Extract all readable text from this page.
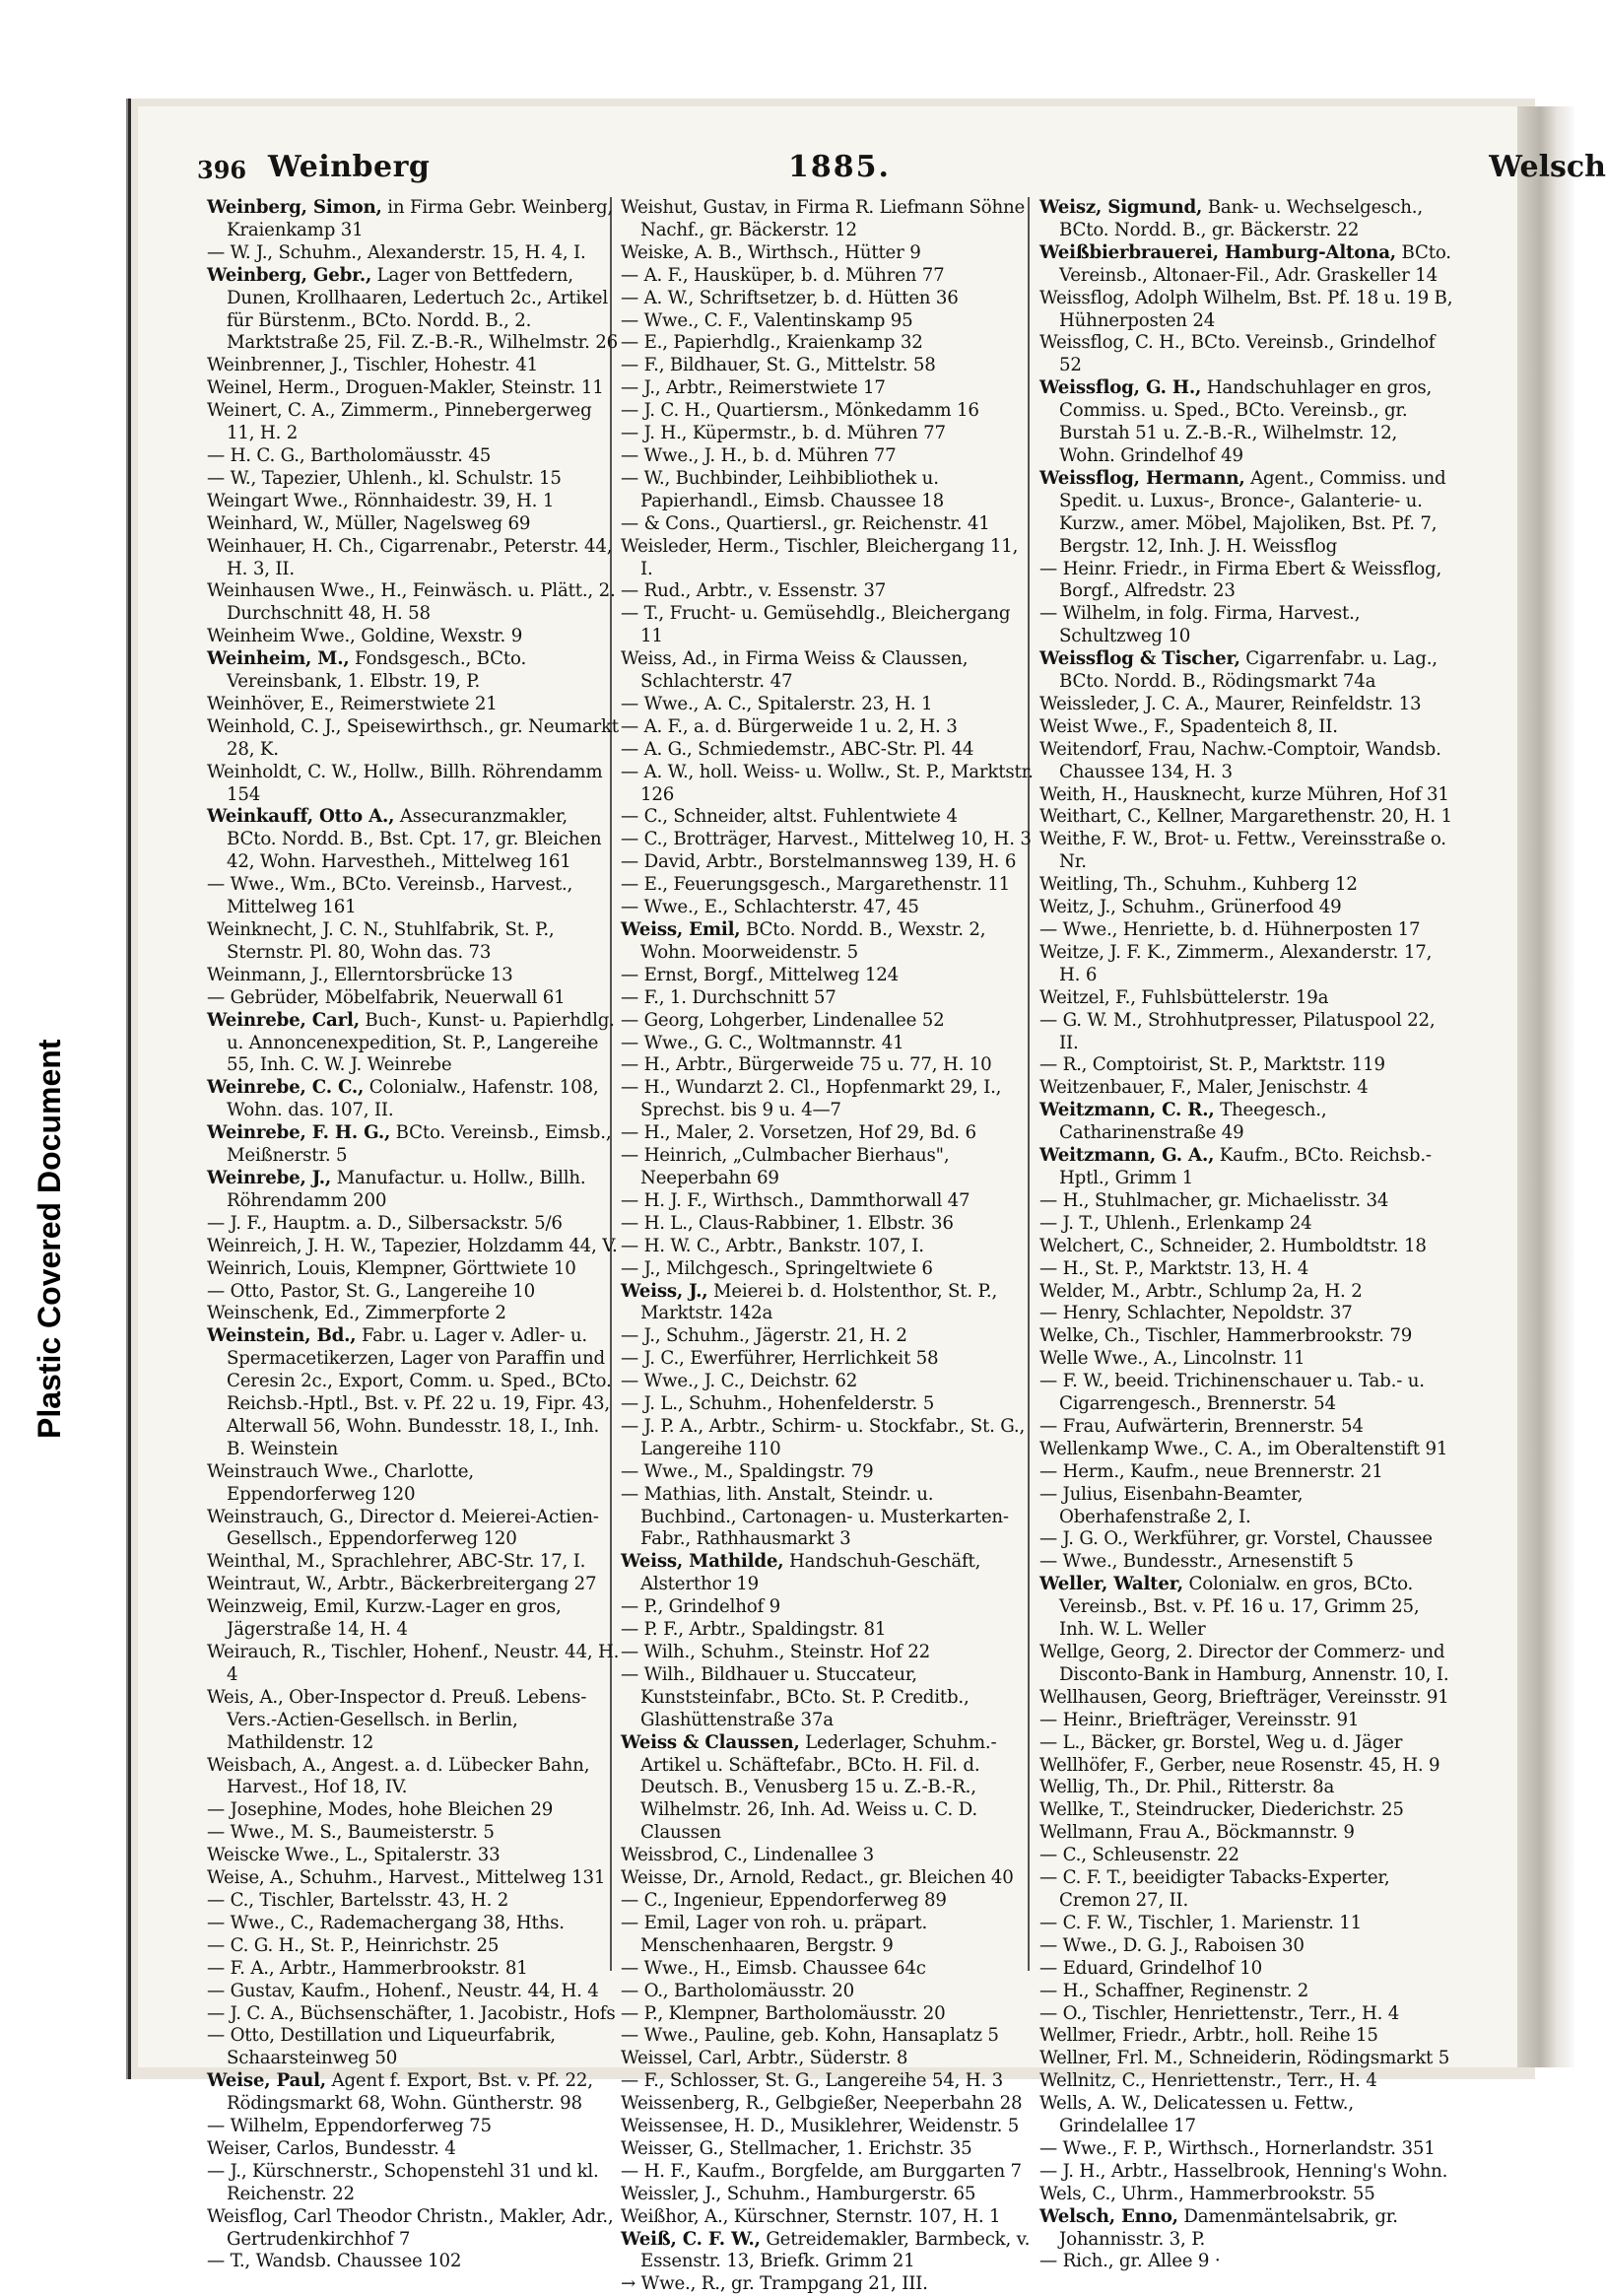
Plastic Covered Document
396 Weinberg	1885.	Welsch

Weinberg, Simon, in Firma Gebr. Weinberg, Kraienkamp 31

— W. J., Schuhm., Alexanderstr. 15, H. 4, I.

Weinberg, Gebr., Lager von Bettfedern, Dunen, Krollhaaren, Ledertuch 2c., Artikel für Bürstenm., BCto. Nordd. B., 2. Marktstraße 25, Fil. Z.-B.-R., Wilhelmstr. 26

Weinbrenner, J., Tischler, Hohestr. 41

Weinel, Herm., Droguen-Makler, Steinstr. 11

Weinert, C. A., Zimmerm., Pinnebergerweg 11, H. 2

— H. C. G., Bartholomäusstr. 45

— W., Tapezier, Uhlenh., kl. Schulstr. 15

Weingart Wwe., Rönnhaidestr. 39, H. 1

Weinhard, W., Müller, Nagelsweg 69

Weinhauer, H. Ch., Cigarrenabr., Peterstr. 44, H. 3, II.

Weinhausen Wwe., H., Feinwäsch. u. Plätt., 2. Durchschnitt 48, H. 58

Weinheim Wwe., Goldine, Wexstr. 9

Weinheim, M., Fondsgesch., BCto. Vereinsbank, 1. Elbstr. 19, P.

Weinhöver, E., Reimerstwiete 21

Weinhold, C. J., Speisewirthsch., gr. Neumarkt 28, K.

Weinholdt, C. W., Hollw., Billh. Röhrendamm 154

Weinkauff, Otto A., Assecuranzmakler, BCto. Nordd. B., Bst. Cpt. 17, gr. Bleichen 42, Wohn. Harvestheh., Mittelweg 161

— Wwe., Wm., BCto. Vereinsb., Harvest., Mittelweg 161

Weinknecht, J. C. N., Stuhlfabrik, St. P., Sternstr. Pl. 80, Wohn das. 73

Weinmann, J., Ellerntorsbrücke 13

— Gebrüder, Möbelfabrik, Neuerwall 61

Weinrebe, Carl, Buch-, Kunst- u. Papierhdlg. u. Annoncenexpedition, St. P., Langereihe 55, Inh. C. W. J. Weinrebe

Weinrebe, C. C., Colonialw., Hafenstr. 108, Wohn. das. 107, II.

Weinrebe, F. H. G., BCto. Vereinsb., Eimsb., Meißnerstr. 5

Weinrebe, J., Manufactur. u. Hollw., Billh. Röhrendamm 200

— J. F., Hauptm. a. D., Silbersackstr. 5/6

Weinreich, J. H. W., Tapezier, Holzdamm 44, V.

Weinrich, Louis, Klempner, Görttwiete 10

— Otto, Pastor, St. G., Langereihe 10

Weinschenk, Ed., Zimmerpforte 2

Weinstein, Bd., Fabr. u. Lager v. Adler- u. Spermacetikerzen, Lager von Paraffin und Ceresin 2c., Export, Comm. u. Sped., BCto. Reichsb.-Hptl., Bst. v. Pf. 22 u. 19, Fipr. 43, Alterwall 56, Wohn. Bundesstr. 18, I., Inh. B. Weinstein

Weinstrauch Wwe., Charlotte, Eppendorferweg 120

Weinstrauch, G., Director d. Meierei-Actien-Gesellsch., Eppendorferweg 120

Weinthal, M., Sprachlehrer, ABC-Str. 17, I.

Weintraut, W., Arbtr., Bäckerbreitergang 27

Weinzweig, Emil, Kurzw.-Lager en gros, Jägerstraße 14, H. 4

Weirauch, R., Tischler, Hohenf., Neustr. 44, H. 4

Weis, A., Ober-Inspector d. Preuß. Lebens-Vers.-Actien-Gesellsch. in Berlin, Mathildenstr. 12

Weisbach, A., Angest. a. d. Lübecker Bahn, Harvest., Hof 18, IV.

— Josephine, Modes, hohe Bleichen 29

— Wwe., M. S., Baumeisterstr. 5

Weiscke Wwe., L., Spitalerstr. 33

Weise, A., Schuhm., Harvest., Mittelweg 131

— C., Tischler, Bartelsstr. 43, H. 2

— Wwe., C., Rademachergang 38, Hths.

— C. G. H., St. P., Heinrichstr. 25

— F. A., Arbtr., Hammerbrookstr. 81

— Gustav, Kaufm., Hohenf., Neustr. 44, H. 4

— J. C. A., Büchsenschäfter, 1. Jacobistr., Hofs

— Otto, Destillation und Liqueurfabrik, Schaarsteinweg 50

Weise, Paul, Agent f. Export, Bst. v. Pf. 22, Rödingsmarkt 68, Wohn. Güntherstr. 98

— Wilhelm, Eppendorferweg 75

Weiser, Carlos, Bundesstr. 4

— J., Kürschnerstr., Schopenstehl 31 und kl. Reichenstr. 22

Weisflog, Carl Theodor Christn., Makler, Adr., Gertrudenkirchhof 7

— T., Wandsb. Chaussee 102

Weishut, Gustav, in Firma R. Liefmann Söhne Nachf., gr. Bäckerstr. 12

Weiske, A. B., Wirthsch., Hütter 9

— A. F., Hausküper, b. d. Mühren 77

— A. W., Schriftsetzer, b. d. Hütten 36

— Wwe., C. F., Valentinskamp 95

— E., Papierhdlg., Kraienkamp 32

— F., Bildhauer, St. G., Mittelstr. 58

— J., Arbtr., Reimerstwiete 17

— J. C. H., Quartiersm., Mönkedamm 16

— J. H., Küpermstr., b. d. Mühren 77

— Wwe., J. H., b. d. Mühren 77

— W., Buchbinder, Leihbibliothek u. Papierhandl., Eimsb. Chaussee 18

— & Cons., Quartiersl., gr. Reichenstr. 41

Weisleder, Herm., Tischler, Bleichergang 11, I.

— Rud., Arbtr., v. Essenstr. 37

— T., Frucht- u. Gemüsehdlg., Bleichergang 11

Weiss, Ad., in Firma Weiss & Claussen, Schlachterstr. 47

— Wwe., A. C., Spitalerstr. 23, H. 1

— A. F., a. d. Bürgerweide 1 u. 2, H. 3

— A. G., Schmiedemstr., ABC-Str. Pl. 44

— A. W., holl. Weiss- u. Wollw., St. P., Marktstr. 126

— C., Schneider, altst. Fuhlentwiete 4

— C., Brotträger, Harvest., Mittelweg 10, H. 3

— David, Arbtr., Borstelmannsweg 139, H. 6

— E., Feuerungsgesch., Margarethenstr. 11

— Wwe., E., Schlachterstr. 47, 45

Weiss, Emil, BCto. Nordd. B., Wexstr. 2, Wohn. Moorweidenstr. 5

— Ernst, Borgf., Mittelweg 124

— F., 1. Durchschnitt 57

— Georg, Lohgerber, Lindenallee 52

— Wwe., G. C., Woltmannstr. 41

— H., Arbtr., Bürgerweide 75 u. 77, H. 10

— H., Wundarzt 2. Cl., Hopfenmarkt 29, I., Sprechst. bis 9 u. 4—7

— H., Maler, 2. Vorsetzen, Hof 29, Bd. 6

— Heinrich, „Culmbacher Bierhaus", Neeperbahn 69

— H. J. F., Wirthsch., Dammthorwall 47

— H. L., Claus-Rabbiner, 1. Elbstr. 36

— H. W. C., Arbtr., Bankstr. 107, I.

— J., Milchgesch., Springeltwiete 6

Weiss, J., Meierei b. d. Holstenthor, St. P., Marktstr. 142a

— J., Schuhm., Jägerstr. 21, H. 2

— J. C., Ewerführer, Herrlichkeit 58

— Wwe., J. C., Deichstr. 62

— J. L., Schuhm., Hohenfelderstr. 5

— J. P. A., Arbtr., Schirm- u. Stockfabr., St. G., Langereihe 110

— Wwe., M., Spaldingstr. 79

— Mathias, lith. Anstalt, Steindr. u. Buchbind., Cartonagen- u. Musterkarten-Fabr., Rathhausmarkt 3

Weiss, Mathilde, Handschuh-Geschäft, Alsterthor 19

— P., Grindelhof 9

— P. F., Arbtr., Spaldingstr. 81

— Wilh., Schuhm., Steinstr. Hof 22

— Wilh., Bildhauer u. Stuccateur, Kunststeinfabr., BCto. St. P. Creditb., Glashüttenstraße 37a

Weiss & Claussen, Lederlager, Schuhm.-Artikel u. Schäftefabr., BCto. H. Fil. d. Deutsch. B., Venusberg 15 u. Z.-B.-R., Wilhelmstr. 26, Inh. Ad. Weiss u. C. D. Claussen

Weissbrod, C., Lindenallee 3

Weisse, Dr., Arnold, Redact., gr. Bleichen 40

— C., Ingenieur, Eppendorferweg 89

— Emil, Lager von roh. u. präpart. Menschenhaaren, Bergstr. 9

— Wwe., H., Eimsb. Chaussee 64c

— O., Bartholomäusstr. 20

— P., Klempner, Bartholomäusstr. 20

— Wwe., Pauline, geb. Kohn, Hansaplatz 5

Weissel, Carl, Arbtr., Süderstr. 8

— F., Schlosser, St. G., Langereihe 54, H. 3

Weissenberg, R., Gelbgießer, Neeperbahn 28

Weissensee, H. D., Musiklehrer, Weidenstr. 5

Weisser, G., Stellmacher, 1. Erichstr. 35

— H. F., Kaufm., Borgfelde, am Burggarten 7

Weissler, J., Schuhm., Hamburgerstr. 65

Weißhor, A., Kürschner, Sternstr. 107, H. 1

Weiß, C. F. W., Getreidemakler, Barmbeck, v. Essenstr. 13, Briefk. Grimm 21

→ Wwe., R., gr. Trampgang 21, III.

Weisz, Sigmund, Bank- u. Wechselgesch., BCto. Nordd. B., gr. Bäckerstr. 22

Weißbierbrauerei, Hamburg-Altona, BCto. Vereinsb., Altonaer-Fil., Adr. Graskeller 14

Weissflog, Adolph Wilhelm, Bst. Pf. 18 u. 19 B, Hühnerposten 24

Weissflog, C. H., BCto. Vereinsb., Grindelhof 52

Weissflog, G. H., Handschuhlager en gros, Commiss. u. Sped., BCto. Vereinsb., gr. Burstah 51 u. Z.-B.-R., Wilhelmstr. 12, Wohn. Grindelhof 49

Weissflog, Hermann, Agent., Commiss. und Spedit. u. Luxus-, Bronce-, Galanterie- u. Kurzw., amer. Möbel, Majoliken, Bst. Pf. 7, Bergstr. 12, Inh. J. H. Weissflog

— Heinr. Friedr., in Firma Ebert & Weissflog, Borgf., Alfredstr. 23

— Wilhelm, in folg. Firma, Harvest., Schultzweg 10

Weissflog & Tischer, Cigarrenfabr. u. Lag., BCto. Nordd. B., Rödingsmarkt 74a

Weissleder, J. C. A., Maurer, Reinfeldstr. 13

Weist Wwe., F., Spadenteich 8, II.

Weitendorf, Frau, Nachw.-Comptoir, Wandsb. Chaussee 134, H. 3

Weith, H., Hausknecht, kurze Mühren, Hof 31

Weithart, C., Kellner, Margarethenstr. 20, H. 1

Weithe, F. W., Brot- u. Fettw., Vereinsstraße o. Nr.

Weitling, Th., Schuhm., Kuhberg 12

Weitz, J., Schuhm., Grünerfood 49

— Wwe., Henriette, b. d. Hühnerposten 17

Weitze, J. F. K., Zimmerm., Alexanderstr. 17, H. 6

Weitzel, F., Fuhlsbüttelerstr. 19a

— G. W. M., Strohhutpresser, Pilatuspool 22, II.

— R., Comptoirist, St. P., Marktstr. 119

Weitzenbauer, F., Maler, Jenischstr. 4

Weitzmann, C. R., Theegesch., Catharinenstraße 49

Weitzmann, G. A., Kaufm., BCto. Reichsb.-Hptl., Grimm 1

— H., Stuhlmacher, gr. Michaelisstr. 34

— J. T., Uhlenh., Erlenkamp 24

Welchert, C., Schneider, 2. Humboldtstr. 18

— H., St. P., Marktstr. 13, H. 4

Welder, M., Arbtr., Schlump 2a, H. 2

— Henry, Schlachter, Nepoldstr. 37

Welke, Ch., Tischler, Hammerbrookstr. 79

Welle Wwe., A., Lincolnstr. 11

— F. W., beeid. Trichinenschauer u. Tab.- u. Cigarrengesch., Brennerstr. 54

— Frau, Aufwärterin, Brennerstr. 54

Wellenkamp Wwe., C. A., im Oberaltenstift 91

— Herm., Kaufm., neue Brennerstr. 21

— Julius, Eisenbahn-Beamter, Oberhafenstraße 2, I.

— J. G. O., Werkführer, gr. Vorstel, Chaussee

— Wwe., Bundesstr., Arnesenstift 5

Weller, Walter, Colonialw. en gros, BCto. Vereinsb., Bst. v. Pf. 16 u. 17, Grimm 25, Inh. W. L. Weller

Wellge, Georg, 2. Director der Commerz- und Disconto-Bank in Hamburg, Annenstr. 10, I.

Wellhausen, Georg, Briefträger, Vereinsstr. 91

— Heinr., Briefträger, Vereinsstr. 91

— L., Bäcker, gr. Borstel, Weg u. d. Jäger

Wellhöfer, F., Gerber, neue Rosenstr. 45, H. 9

Wellig, Th., Dr. Phil., Ritterstr. 8a

Wellke, T., Steindrucker, Diederichstr. 25

Wellmann, Frau A., Böckmannstr. 9

— C., Schleusenstr. 22

— C. F. T., beeidigter Tabacks-Experter, Cremon 27, II.

— C. F. W., Tischler, 1. Marienstr. 11

— Wwe., D. G. J., Raboisen 30

— Eduard, Grindelhof 10

— H., Schaffner, Reginenstr. 2

— O., Tischler, Henriettenstr., Terr., H. 4

Wellmer, Friedr., Arbtr., holl. Reihe 15

Wellner, Frl. M., Schneiderin, Rödingsmarkt 5

Wellnitz, C., Henriettenstr., Terr., H. 4

Wells, A. W., Delicatessen u. Fettw., Grindelallee 17

— Wwe., F. P., Wirthsch., Hornerlandstr. 351

— J. H., Arbtr., Hasselbrook, Henning's Wohn.

Wels, C., Uhrm., Hammerbrookstr. 55

Welsch, Enno, Damenmäntelsabrik, gr. Johannisstr. 3, P.

— Rich., gr. Allee 9 ·
